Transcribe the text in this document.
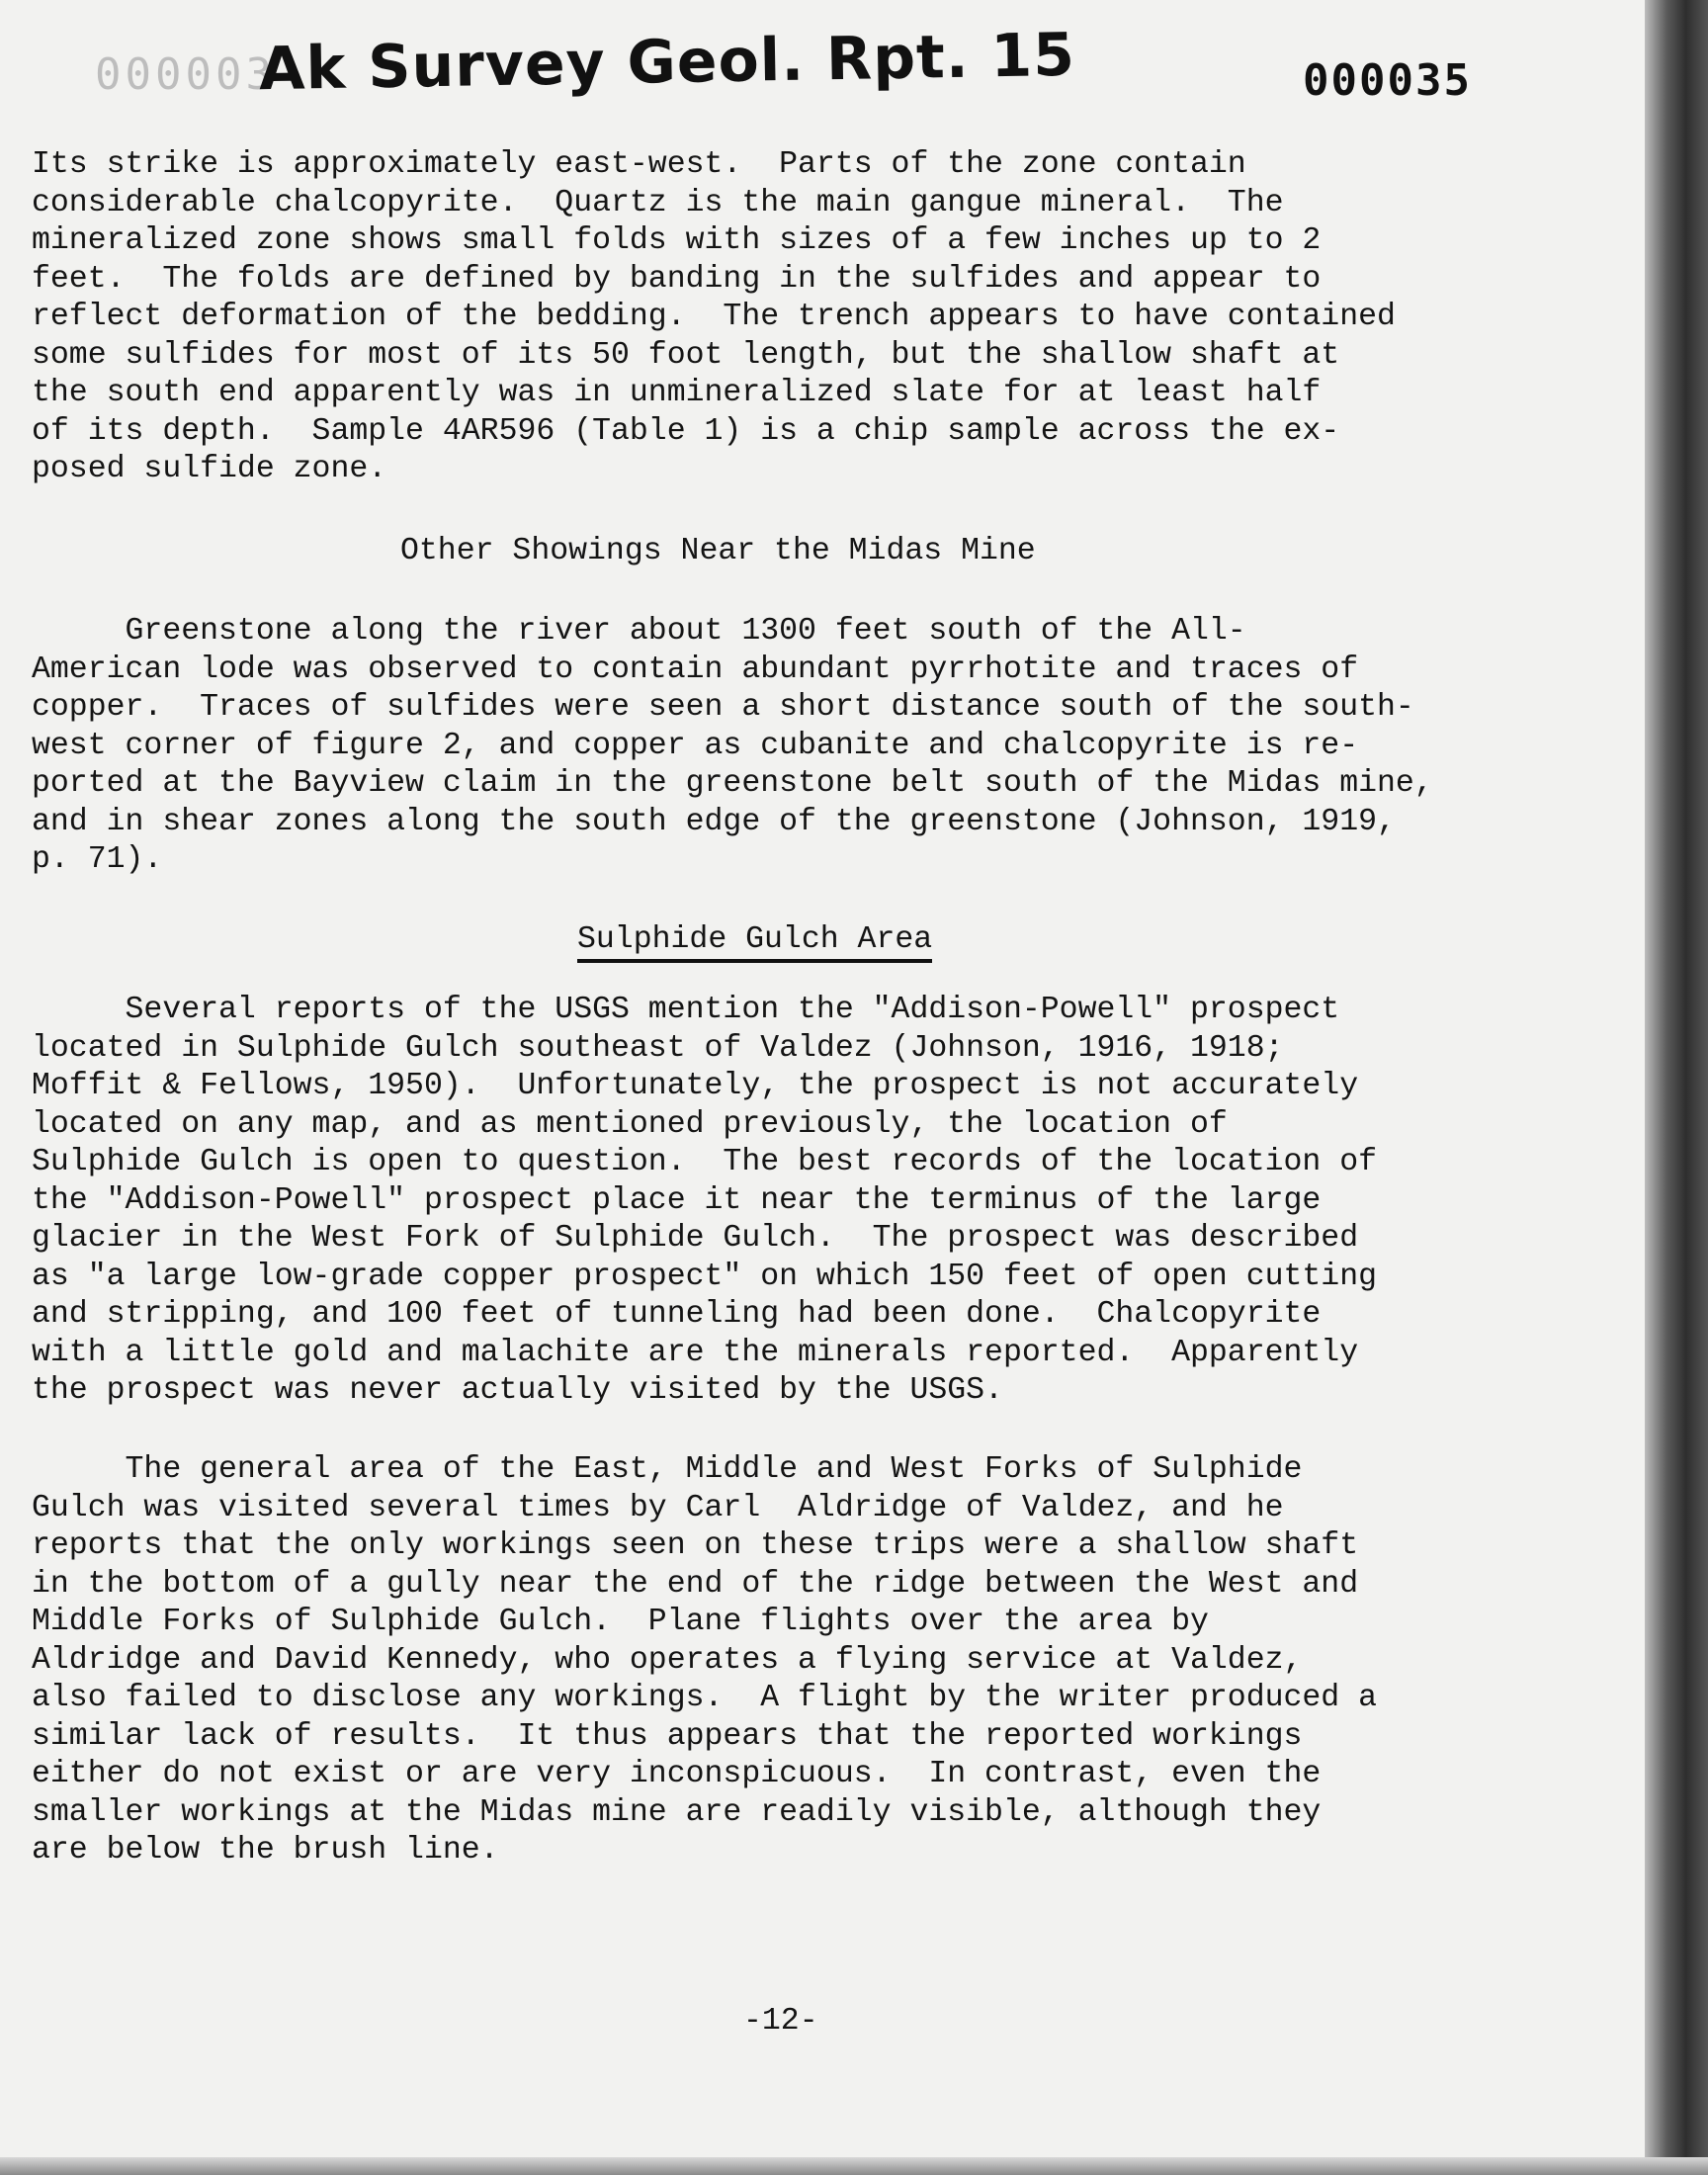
000003
Ak Survey Geol. Rpt. 15	000035
Its strike is approximately east-west.  Parts of the zone contain
considerable chalcopyrite.  Quartz is the main gangue mineral.  The
mineralized zone shows small folds with sizes of a few inches up to 2
feet.  The folds are defined by banding in the sulfides and appear to
reflect deformation of the bedding.  The trench appears to have contained
some sulfides for most of its 50 foot length, but the shallow shaft at
the south end apparently was in unmineralized slate for at least half
of its depth.  Sample 4AR596 (Table 1) is a chip sample across the ex-
posed sulfide zone.
Other Showings Near the Midas Mine
Greenstone along the river about 1300 feet south of the All-
American lode was observed to contain abundant pyrrhotite and traces of
copper.  Traces of sulfides were seen a short distance south of the south-
west corner of figure 2, and copper as cubanite and chalcopyrite is re-
ported at the Bayview claim in the greenstone belt south of the Midas mine,
and in shear zones along the south edge of the greenstone (Johnson, 1919,
p. 71).
Sulphide Gulch Area
Several reports of the USGS mention the "Addison-Powell" prospect
located in Sulphide Gulch southeast of Valdez (Johnson, 1916, 1918;
Moffit & Fellows, 1950).  Unfortunately, the prospect is not accurately
located on any map, and as mentioned previously, the location of
Sulphide Gulch is open to question.  The best records of the location of
the "Addison-Powell" prospect place it near the terminus of the large
glacier in the West Fork of Sulphide Gulch.  The prospect was described
as "a large low-grade copper prospect" on which 150 feet of open cutting
and stripping, and 100 feet of tunneling had been done.  Chalcopyrite
with a little gold and malachite are the minerals reported.  Apparently
the prospect was never actually visited by the USGS.
The general area of the East, Middle and West Forks of Sulphide
Gulch was visited several times by Carl  Aldridge of Valdez, and he
reports that the only workings seen on these trips were a shallow shaft
in the bottom of a gully near the end of the ridge between the West and
Middle Forks of Sulphide Gulch.  Plane flights over the area by
Aldridge and David Kennedy, who operates a flying service at Valdez,
also failed to disclose any workings.  A flight by the writer produced a
similar lack of results.  It thus appears that the reported workings
either do not exist or are very inconspicuous.  In contrast, even the
smaller workings at the Midas mine are readily visible, although they
are below the brush line.
-12-
